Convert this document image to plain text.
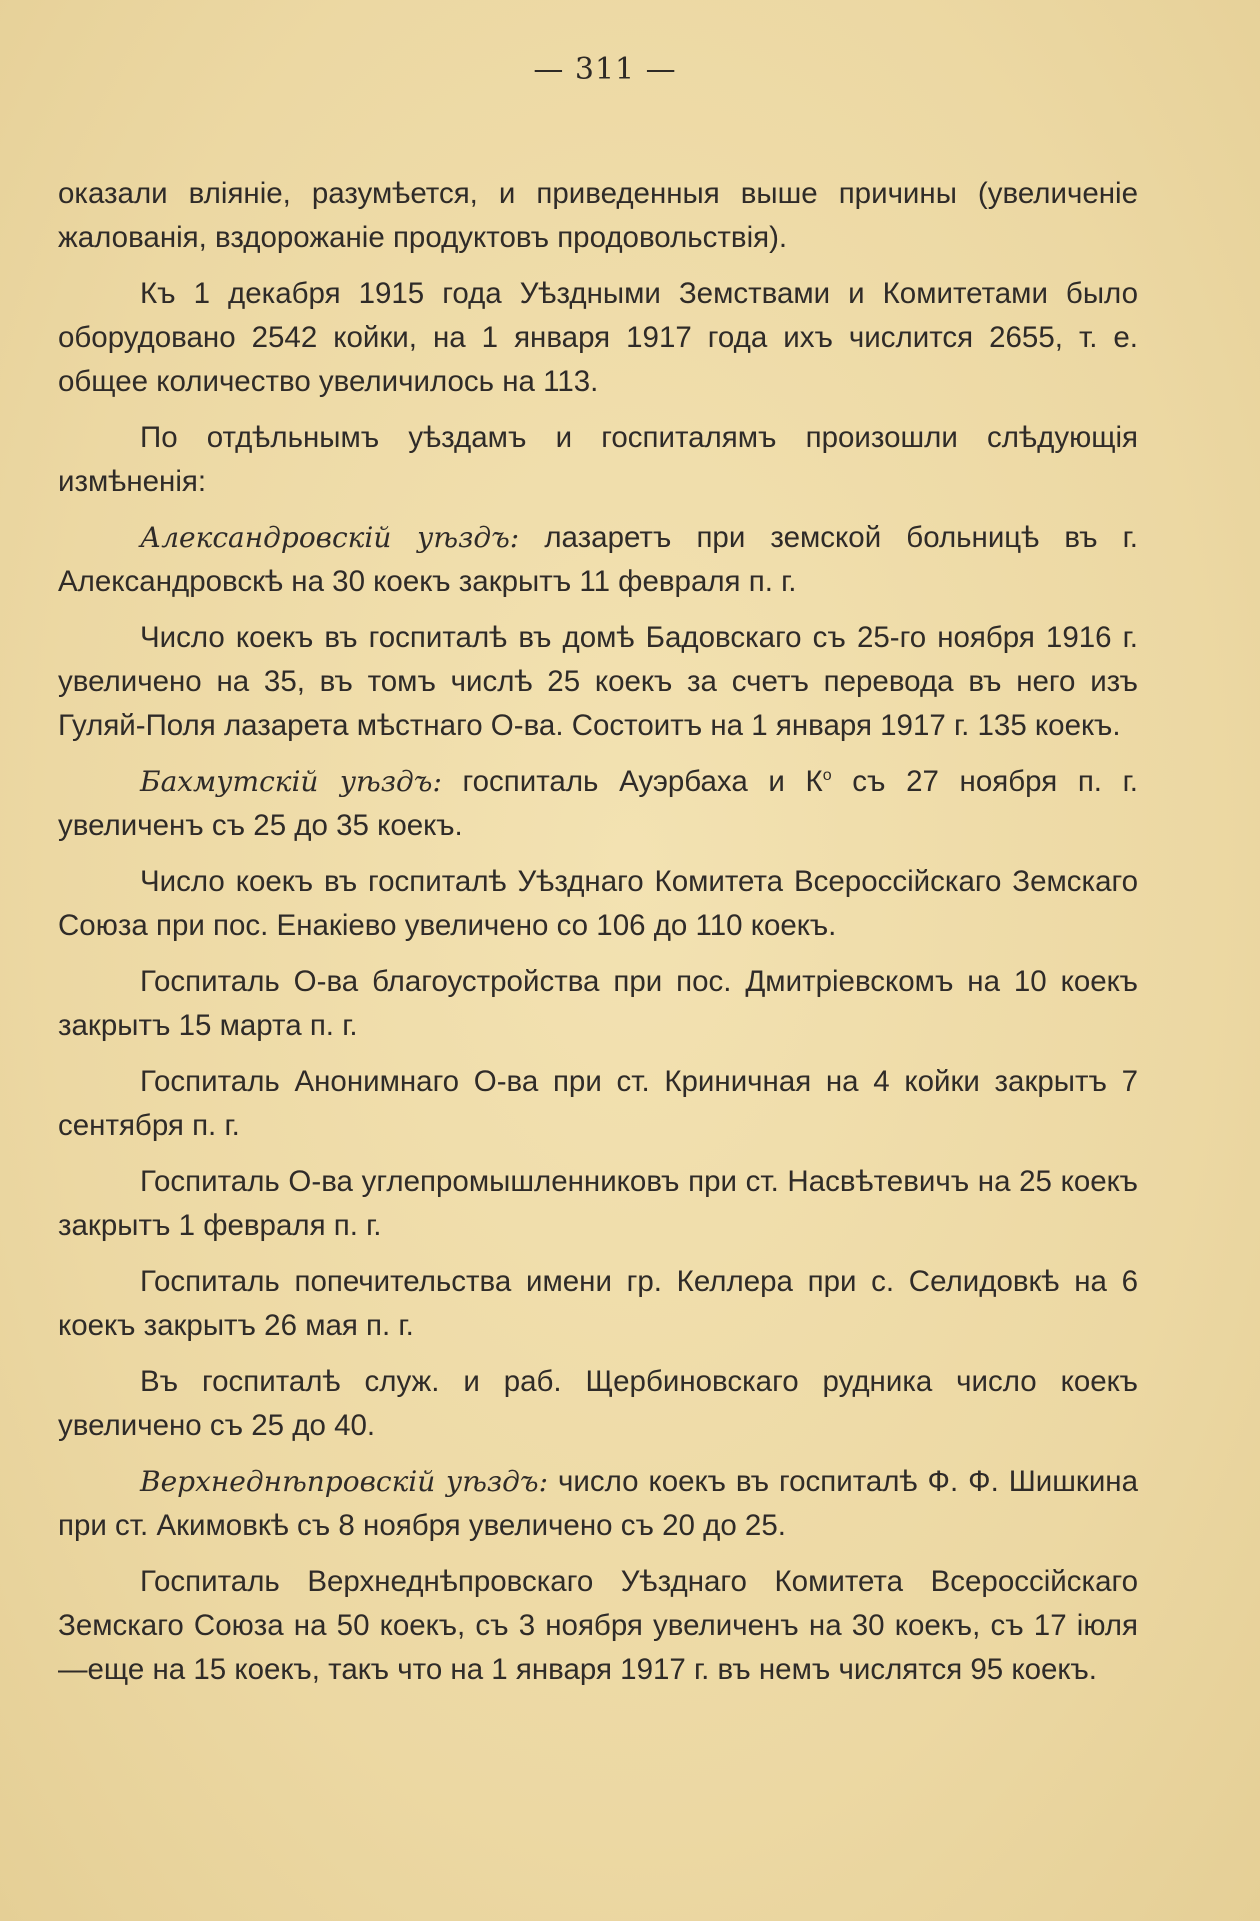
— 311 —

оказали вліяніе, разумѣется, и приведенныя выше причины (увеличеніе жалованія, вздорожаніе продуктовъ продовольствія).

Къ 1 декабря 1915 года Уѣздными Земствами и Комитетами было оборудовано 2542 койки, на 1 января 1917 года ихъ числится 2655, т. е. общее количество увеличилось на 113.

По отдѣльнымъ уѣздамъ и госпиталямъ произошли слѣдующія измѣненія:

Александровскій уѣздъ: лазаретъ при земской больницѣ въ г. Александровскѣ на 30 коекъ закрытъ 11 февраля п. г.

Число коекъ въ госпиталѣ въ домѣ Бадовскаго съ 25-го ноября 1916 г. увеличено на 35, въ томъ числѣ 25 коекъ за счетъ перевода въ него изъ Гуляй-Поля лазарета мѣстнаго О-ва. Состоитъ на 1 января 1917 г. 135 коекъ.

Бахмутскій уѣздъ: госпиталь Ауэрбаха и $К^о$ съ 27 ноября п. г. увеличенъ съ 25 до 35 коекъ.

Число коекъ въ госпиталѣ Уѣзднаго Комитета Всероссійскаго Земскаго Союза при пос. Енакіево увеличено со 106 до 110 коекъ.

Госпиталь О-ва благоустройства при пос. Дмитріевскомъ на 10 коекъ закрытъ 15 марта п. г.

Госпиталь Анонимнаго О-ва при ст. Криничная на 4 койки закрытъ 7 сентября п. г.

Госпиталь О-ва углепромышленниковъ при ст. Насвѣтевичъ на 25 коекъ закрытъ 1 февраля п. г.

Госпиталь попечительства имени гр. Келлера при с. Селидовкѣ на 6 коекъ закрытъ 26 мая п. г.

Въ госпиталѣ служ. и раб. Щербиновскаго рудника число коекъ увеличено съ 25 до 40.

Верхнеднѣпровскій уѣздъ: число коекъ въ госпиталѣ Ф. Ф. Шишкина при ст. Акимовкѣ съ 8 ноября увеличено съ 20 до 25.

Госпиталь Верхнеднѣпровскаго Уѣзднаго Комитета Всероссійскаго Земскаго Союза на 50 коекъ, съ 3 ноября увеличенъ на 30 коекъ, съ 17 іюля—еще на 15 коекъ, такъ что на 1 января 1917 г. въ немъ числятся 95 коекъ.
